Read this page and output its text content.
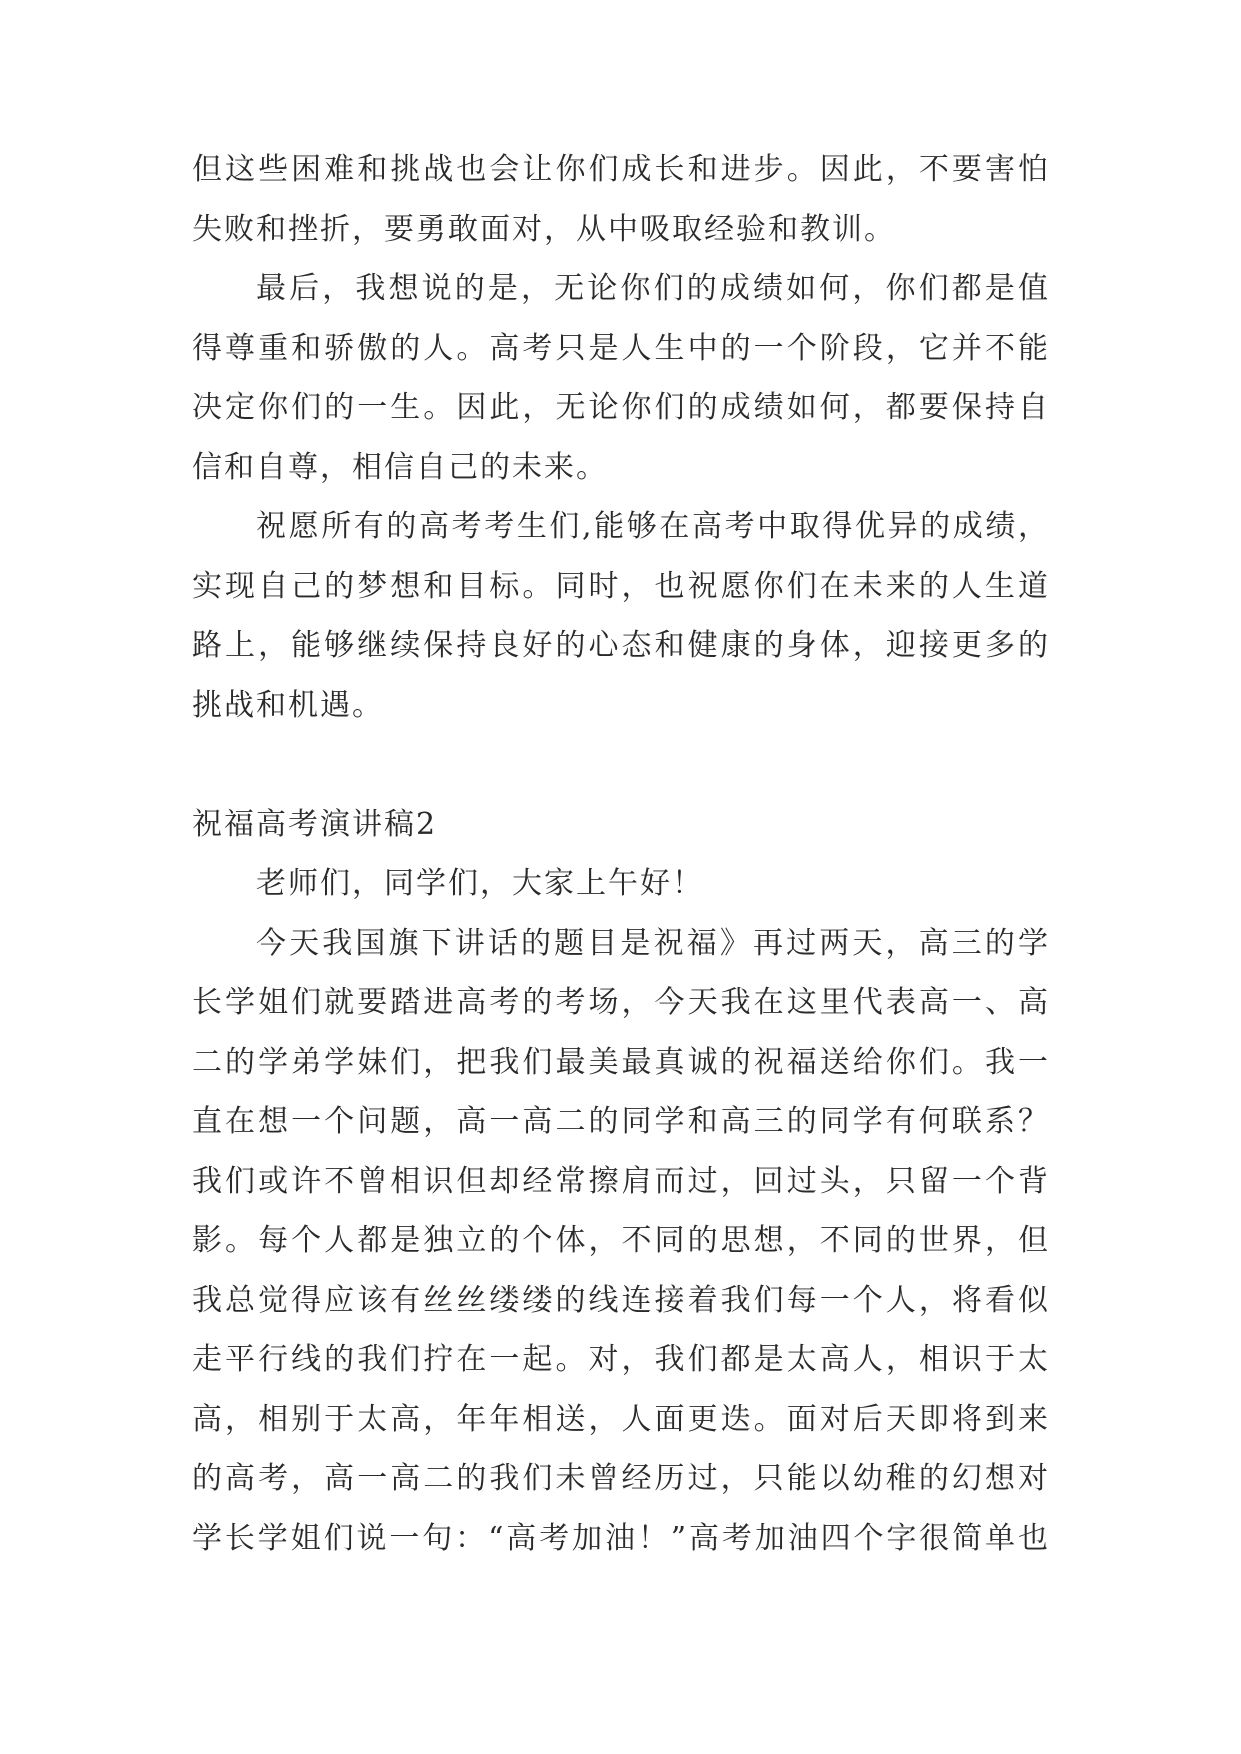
但这些困难和挑战也会让你们成长和进步。因此，不要害怕
失败和挫折，要勇敢面对，从中吸取经验和教训。
最后，我想说的是，无论你们的成绩如何，你们都是值
得尊重和骄傲的人。高考只是人生中的一个阶段，它并不能
决定你们的一生。因此，无论你们的成绩如何，都要保持自
信和自尊，相信自己的未来。
祝愿所有的高考考生们,能够在高考中取得优异的成绩，
实现自己的梦想和目标。同时，也祝愿你们在未来的人生道
路上，能够继续保持良好的心态和健康的身体，迎接更多的
挑战和机遇。
祝福高考演讲稿2
老师们，同学们，大家上午好！
今天我国旗下讲话的题目是祝福》再过两天，高三的学
长学姐们就要踏进高考的考场，今天我在这里代表高一、高
二的学弟学妹们，把我们最美最真诚的祝福送给你们。我一
直在想一个问题，高一高二的同学和高三的同学有何联系？
我们或许不曾相识但却经常擦肩而过，回过头，只留一个背
影。每个人都是独立的个体，不同的思想，不同的世界，但
我总觉得应该有丝丝缕缕的线连接着我们每一个人，将看似
走平行线的我们拧在一起。对，我们都是太高人，相识于太
高，相别于太高，年年相送，人面更迭。面对后天即将到来
的高考，高一高二的我们未曾经历过，只能以幼稚的幻想对
学长学姐们说一句：“高考加油！”高考加油四个字很简单也
